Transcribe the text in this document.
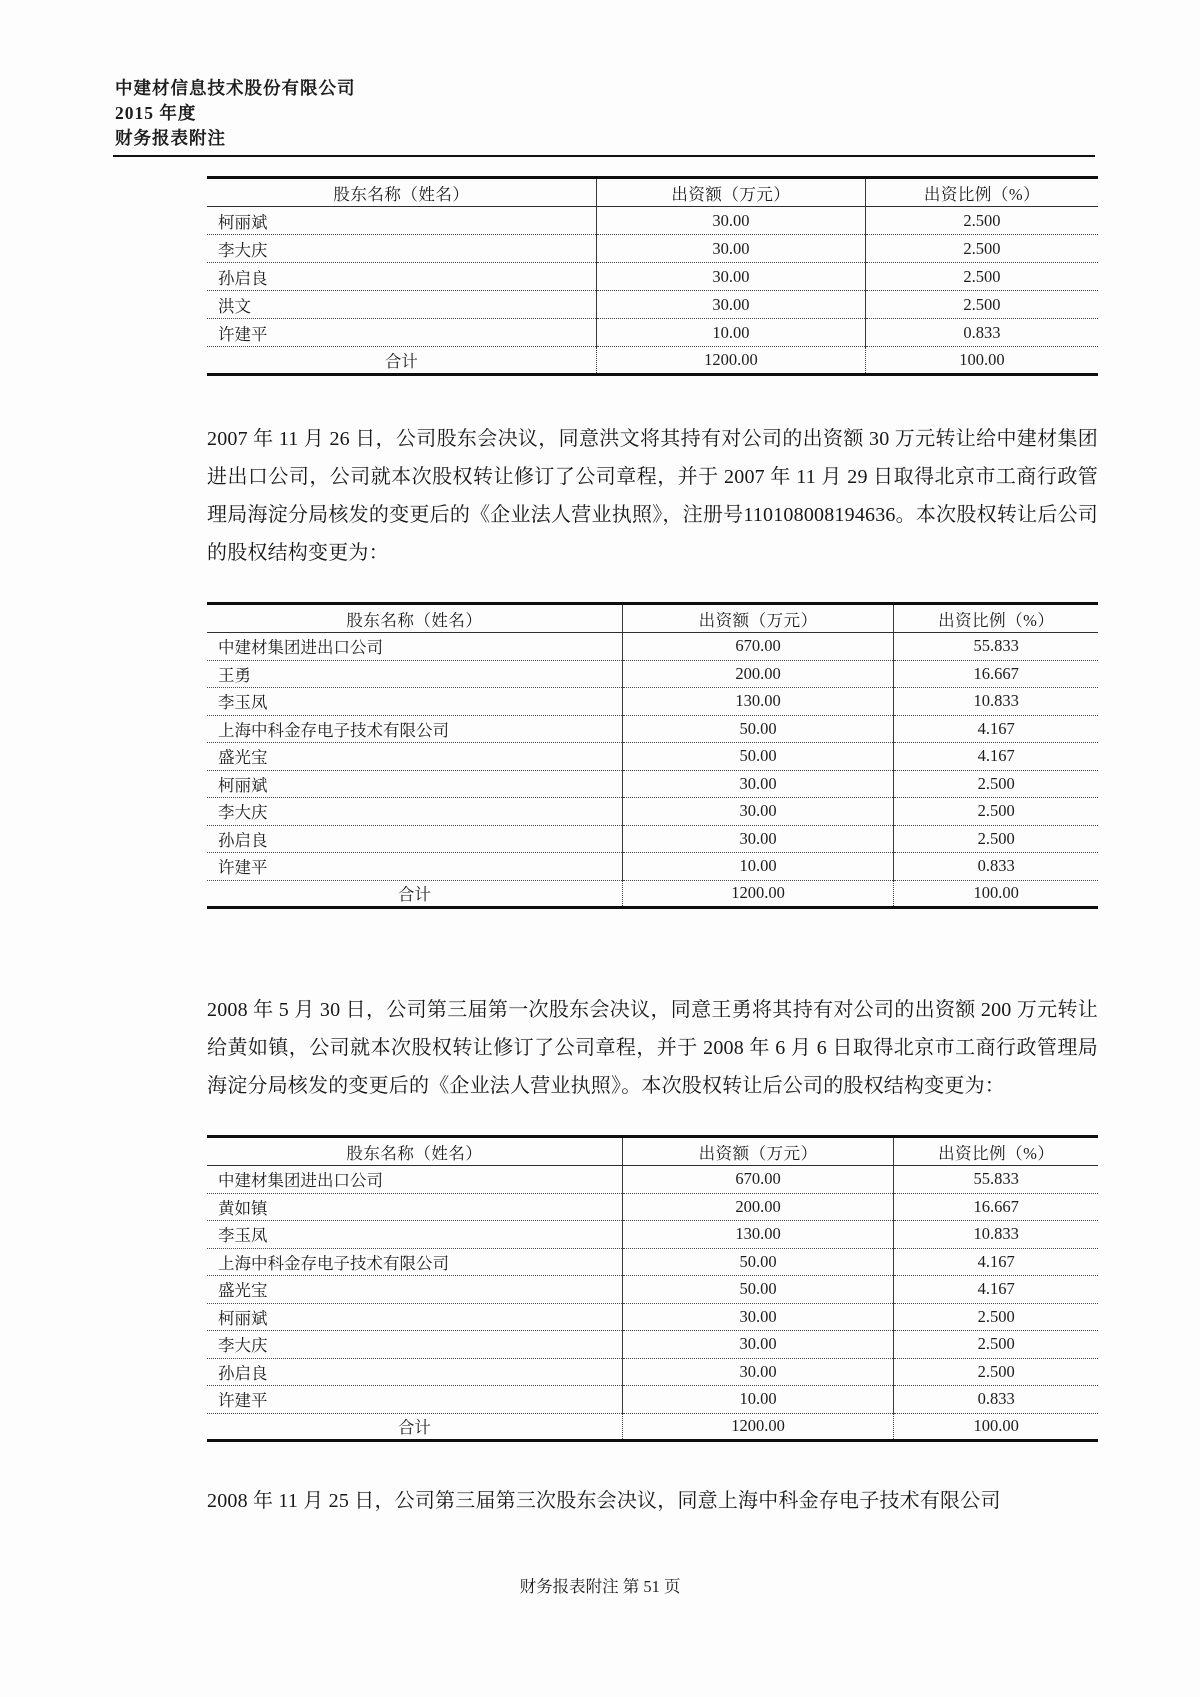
中建材信息技术股份有限公司
2015 年度
财务报表附注
股东名称（姓名）	出资额（万元）	出资比例（%）
柯丽斌	30.00	2.500
李大庆	30.00	2.500
孙启良	30.00	2.500
洪文	30.00	2.500
许建平	10.00	0.833
合计	1200.00	100.00

2007 年 11 月 26 日，公司股东会决议，同意洪文将其持有对公司的出资额 30 万元转让给中建材集团进出口公司，公司就本次股权转让修订了公司章程，并于 2007 年 11 月 29 日取得北京市工商行政管理局海淀分局核发的变更后的《企业法人营业执照》，注册号110108008194636。本次股权转让后公司的股权结构变更为：

股东名称（姓名）	出资额（万元）	出资比例（%）
中建材集团进出口公司	670.00	55.833
王勇	200.00	16.667
李玉凤	130.00	10.833
上海中科金存电子技术有限公司	50.00	4.167
盛光宝	50.00	4.167
柯丽斌	30.00	2.500
李大庆	30.00	2.500
孙启良	30.00	2.500
许建平	10.00	0.833
合计	1200.00	100.00

2008 年 5 月 30 日，公司第三届第一次股东会决议，同意王勇将其持有对公司的出资额 200 万元转让给黄如镇，公司就本次股权转让修订了公司章程，并于 2008 年 6 月 6 日取得北京市工商行政管理局海淀分局核发的变更后的《企业法人营业执照》。本次股权转让后公司的股权结构变更为：

股东名称（姓名）	出资额（万元）	出资比例（%）
中建材集团进出口公司	670.00	55.833
黄如镇	200.00	16.667
李玉凤	130.00	10.833
上海中科金存电子技术有限公司	50.00	4.167
盛光宝	50.00	4.167
柯丽斌	30.00	2.500
李大庆	30.00	2.500
孙启良	30.00	2.500
许建平	10.00	0.833
合计	1200.00	100.00

2008 年 11 月 25 日，公司第三届第三次股东会决议，同意上海中科金存电子技术有限公司

财务报表附注 第 51 页
